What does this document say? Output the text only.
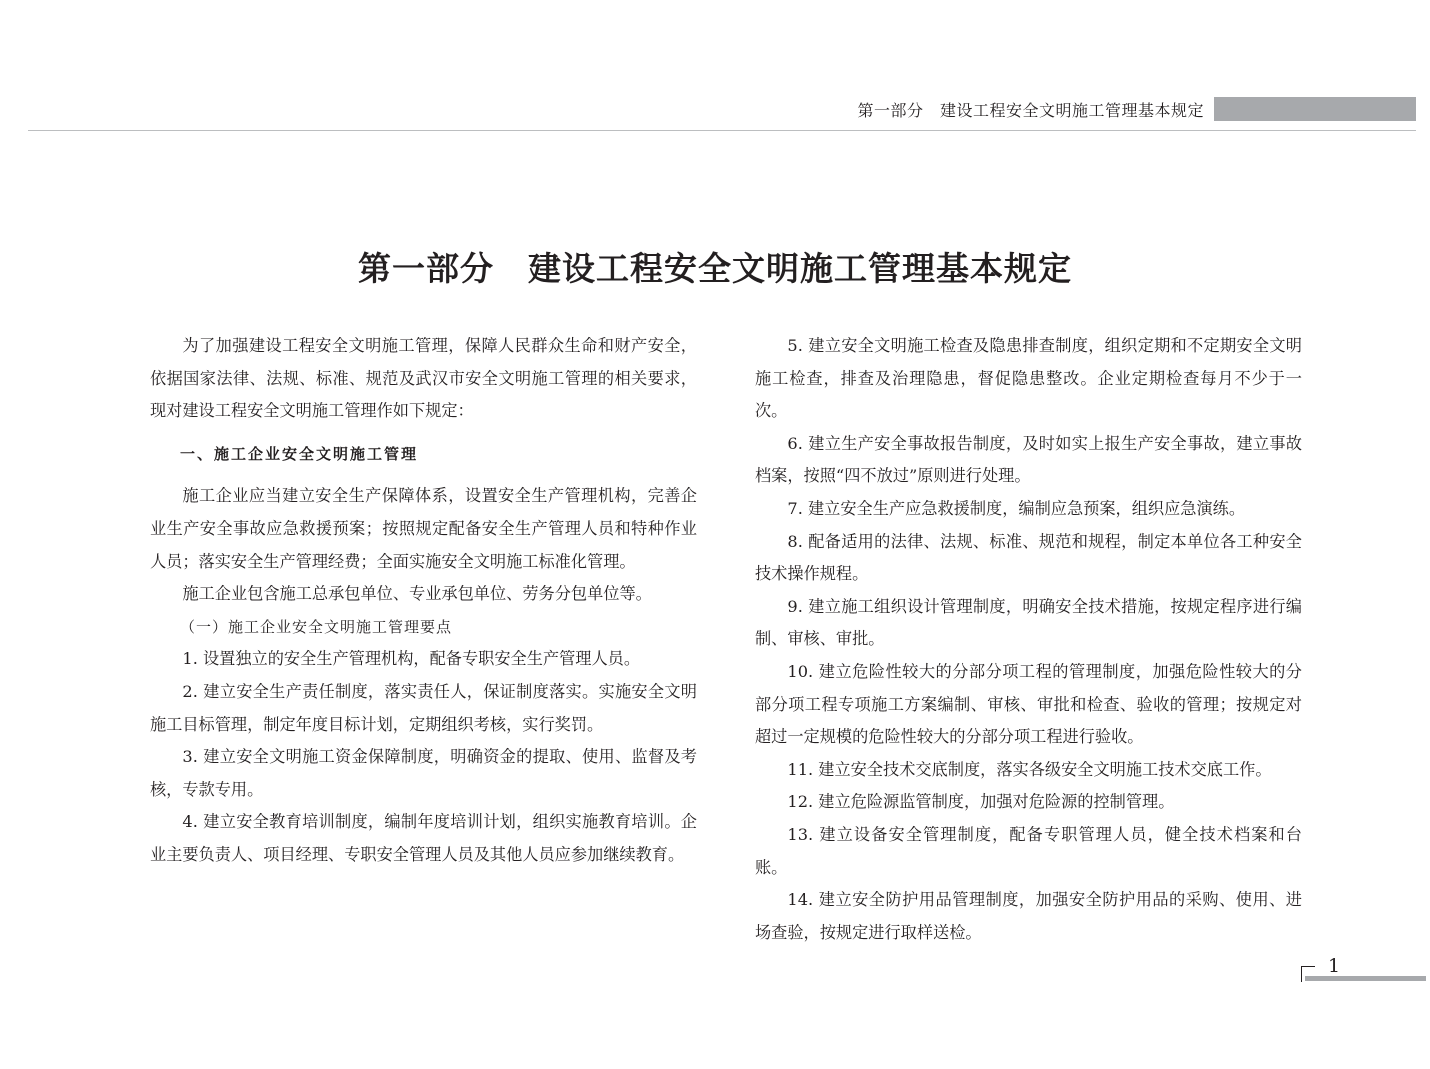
第一部分　建设工程安全文明施工管理基本规定
第一部分　建设工程安全文明施工管理基本规定

为了加强建设工程安全文明施工管理，保障人民群众生命和财产安全，依据国家法律、法规、标准、规范及武汉市安全文明施工管理的相关要求，现对建设工程安全文明施工管理作如下规定：

一、施工企业安全文明施工管理

施工企业应当建立安全生产保障体系，设置安全生产管理机构，完善企业生产安全事故应急救援预案；按照规定配备安全生产管理人员和特种作业人员；落实安全生产管理经费；全面实施安全文明施工标准化管理。

施工企业包含施工总承包单位、专业承包单位、劳务分包单位等。

（一）施工企业安全文明施工管理要点

1. 设置独立的安全生产管理机构，配备专职安全生产管理人员。

2. 建立安全生产责任制度，落实责任人，保证制度落实。实施安全文明施工目标管理，制定年度目标计划，定期组织考核，实行奖罚。

3. 建立安全文明施工资金保障制度，明确资金的提取、使用、监督及考核，专款专用。

4. 建立安全教育培训制度，编制年度培训计划，组织实施教育培训。企业主要负责人、项目经理、专职安全管理人员及其他人员应参加继续教育。

5. 建立安全文明施工检查及隐患排查制度，组织定期和不定期安全文明施工检查，排查及治理隐患，督促隐患整改。企业定期检查每月不少于一次。

6. 建立生产安全事故报告制度，及时如实上报生产安全事故，建立事故档案，按照“四不放过”原则进行处理。

7. 建立安全生产应急救援制度，编制应急预案，组织应急演练。

8. 配备适用的法律、法规、标准、规范和规程，制定本单位各工种安全技术操作规程。

9. 建立施工组织设计管理制度，明确安全技术措施，按规定程序进行编制、审核、审批。

10. 建立危险性较大的分部分项工程的管理制度，加强危险性较大的分部分项工程专项施工方案编制、审核、审批和检查、验收的管理；按规定对超过一定规模的危险性较大的分部分项工程进行验收。

11. 建立安全技术交底制度，落实各级安全文明施工技术交底工作。

12. 建立危险源监管制度，加强对危险源的控制管理。

13. 建立设备安全管理制度，配备专职管理人员，健全技术档案和台账。

14. 建立安全防护用品管理制度，加强安全防护用品的采购、使用、进场查验，按规定进行取样送检。

1
